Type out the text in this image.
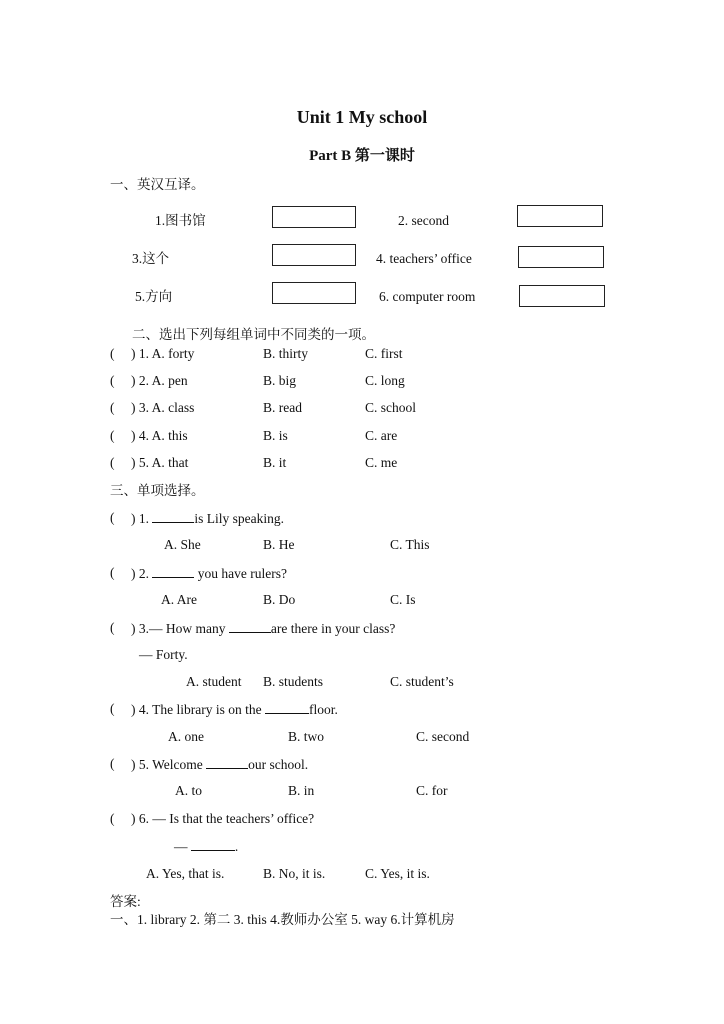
Unit 1 My school
Part B 第一课时
一、英汉互译。
1.图书馆	2. second
3.这个	4. teachers’ office
5.方向	6. computer room
二、选出下列每组单词中不同类的一项。
( ) 1. A. forty	B. thirty	C. first
( ) 2. A. pen	B. big	C. long
( ) 3. A. class	B. read	C. school
( ) 4. A. this	B. is	C. are
( ) 5. A. that	B. it	C. me
三、单项选择。
( ) 1.	is Lily speaking.
A. She	B. He	C. This
( ) 2.	you have rulers?
A. Are	B. Do	C. Is
( ) 3.— How many	are there in your class?
— Forty.
A. student B. students	C. student’s
( ) 4. The library is on the	floor.
A. one	B. two	C. second
( ) 5. Welcome	our school.
A. to	B. in	C. for
( ) 6. — Is that the teachers’ office?
—	.
A. Yes, that is.	B. No, it is.	C. Yes, it is.
答案:
一、1. library 2. 第二 3. this 4.教师办公室 5. way 6.计算机房
